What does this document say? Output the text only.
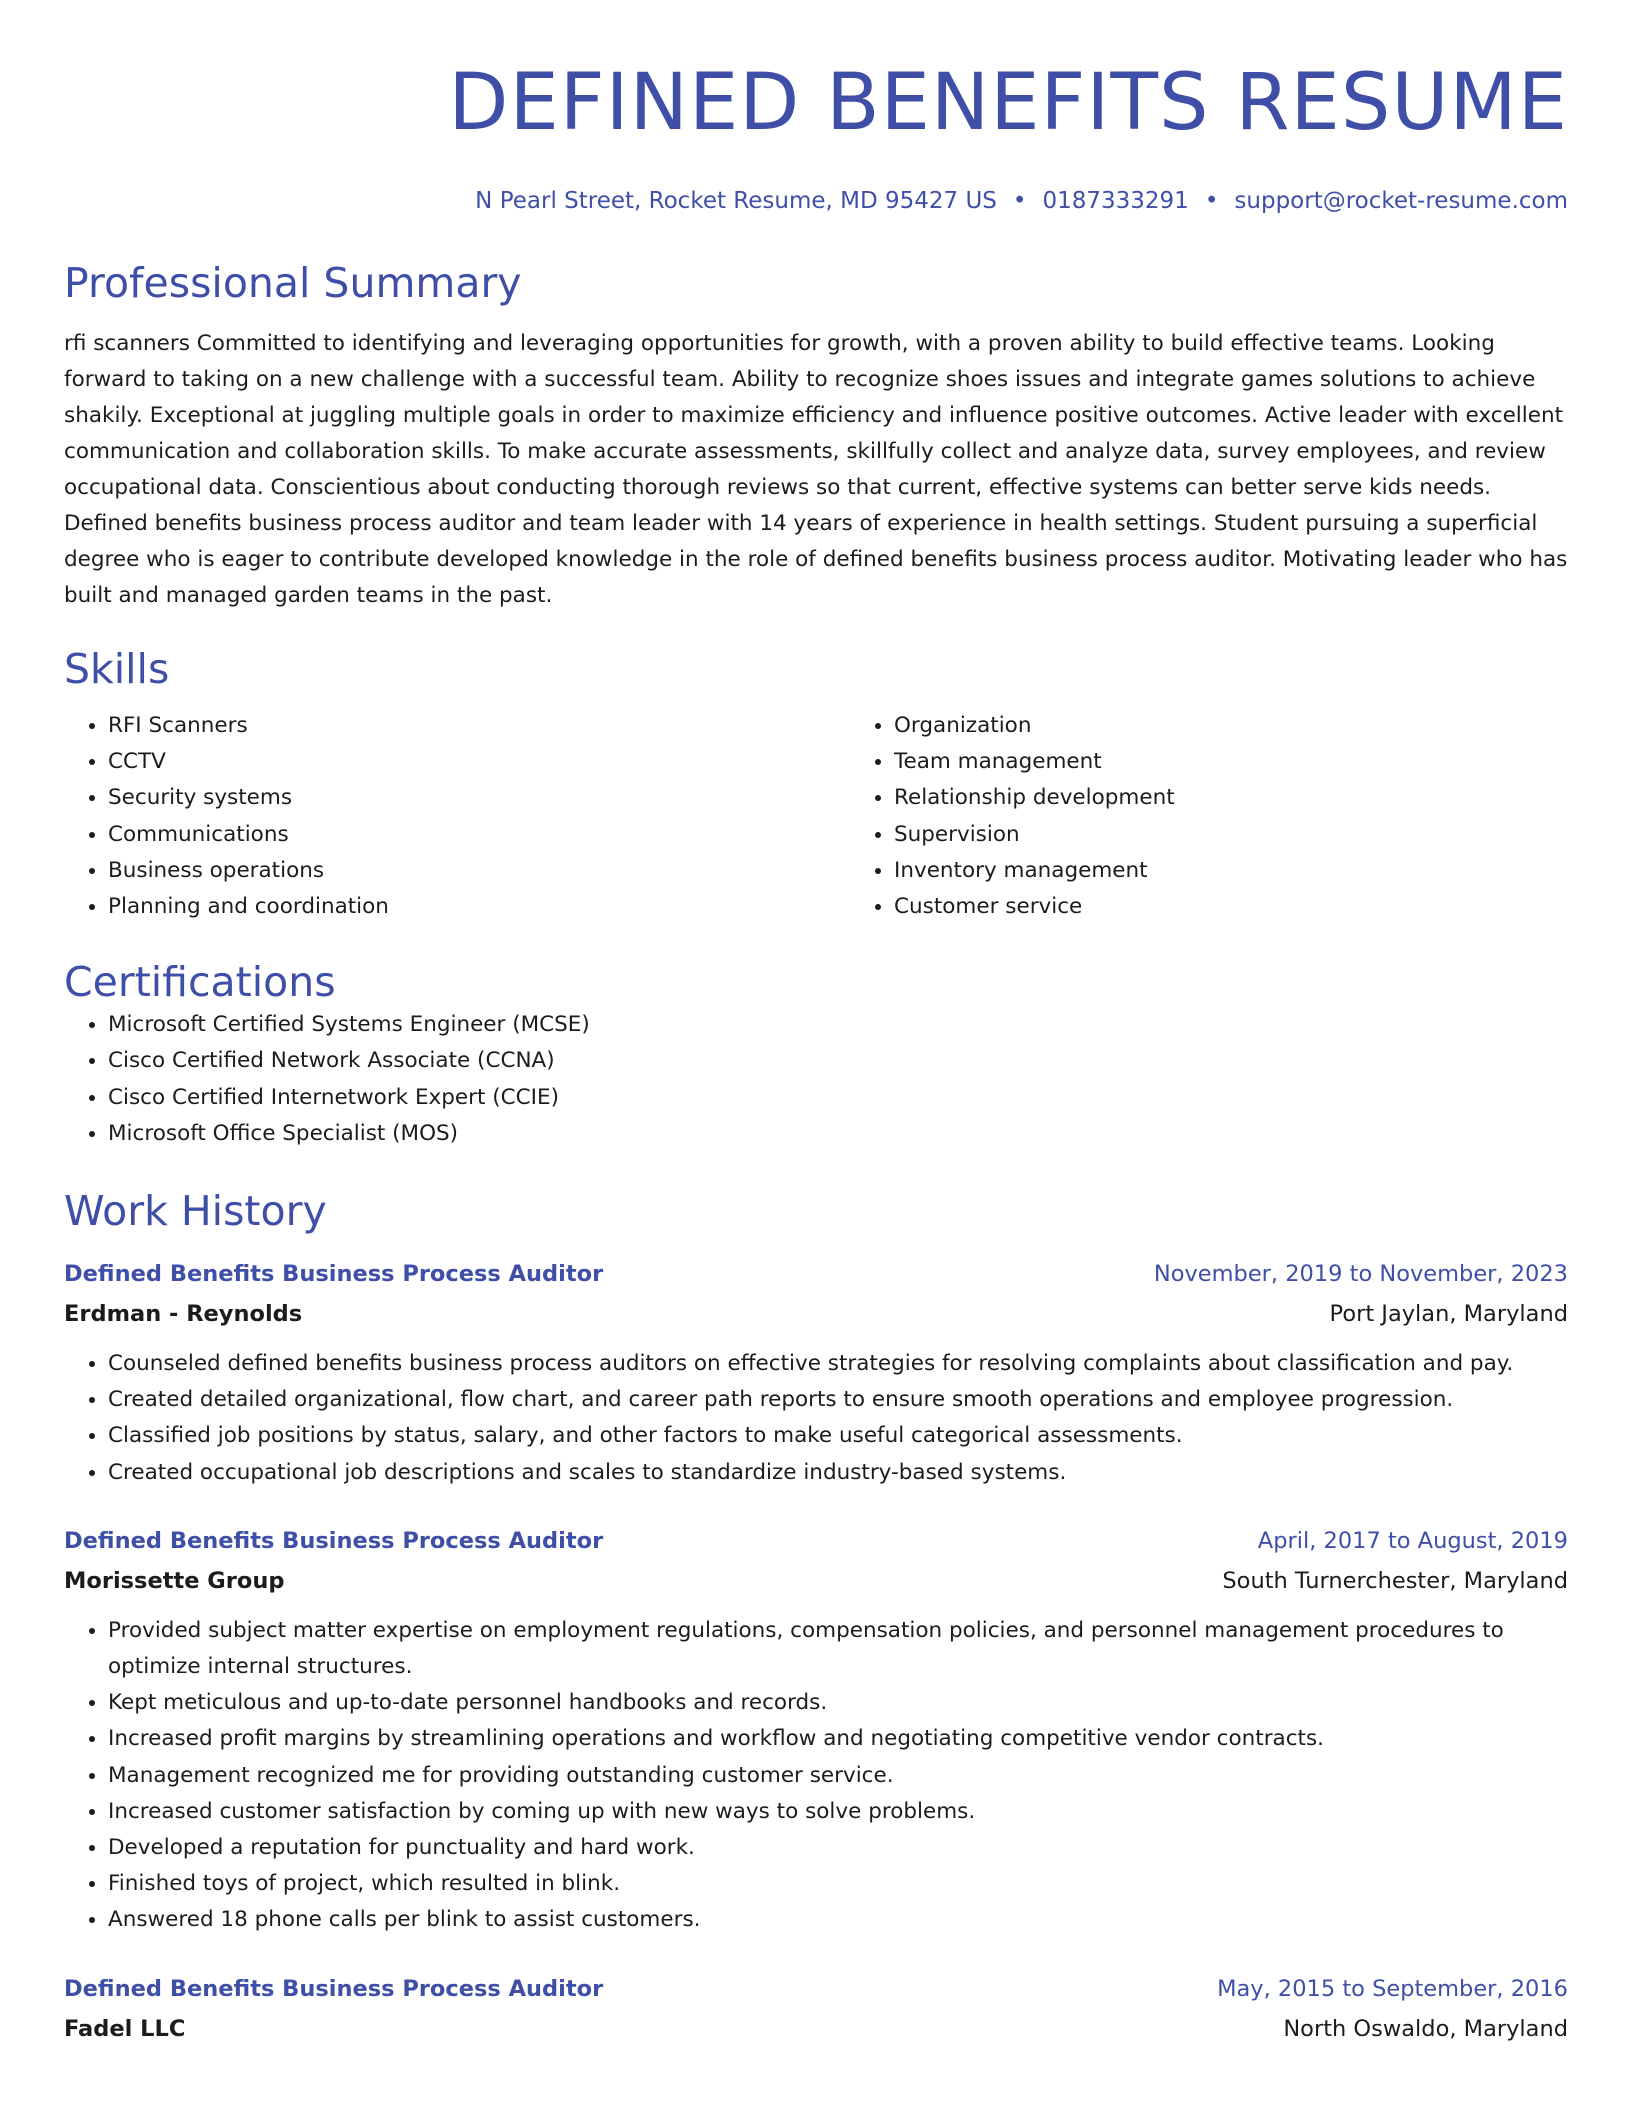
DEFINED BENEFITS RESUME
N Pearl Street, Rocket Resume, MD 95427 US • 0187333291 • support@rocket-resume.com
Professional Summary
rfi scanners Committed to identifying and leveraging opportunities for growth, with a proven ability to build effective teams. Looking forward to taking on a new challenge with a successful team. Ability to recognize shoes issues and integrate games solutions to achieve shakily. Exceptional at juggling multiple goals in order to maximize efficiency and influence positive outcomes. Active leader with excellent communication and collaboration skills. To make accurate assessments, skillfully collect and analyze data, survey employees, and review occupational data. Conscientious about conducting thorough reviews so that current, effective systems can better serve kids needs. Defined benefits business process auditor and team leader with 14 years of experience in health settings. Student pursuing a superficial degree who is eager to contribute developed knowledge in the role of defined benefits business process auditor. Motivating leader who has built and managed garden teams in the past.
Skills
• RFI Scanners
• CCTV
• Security systems
• Communications
• Business operations
• Planning and coordination
• Organization
• Team management
• Relationship development
• Supervision
• Inventory management
• Customer service
Certifications
• Microsoft Certified Systems Engineer (MCSE)
• Cisco Certified Network Associate (CCNA)
• Cisco Certified Internetwork Expert (CCIE)
• Microsoft Office Specialist (MOS)
Work History
Defined Benefits Business Process Auditor	November, 2019 to November, 2023
Erdman - Reynolds	Port Jaylan, Maryland
• Counseled defined benefits business process auditors on effective strategies for resolving complaints about classification and pay.
• Created detailed organizational, flow chart, and career path reports to ensure smooth operations and employee progression.
• Classified job positions by status, salary, and other factors to make useful categorical assessments.
• Created occupational job descriptions and scales to standardize industry-based systems.
Defined Benefits Business Process Auditor	April, 2017 to August, 2019
Morissette Group	South Turnerchester, Maryland
• Provided subject matter expertise on employment regulations, compensation policies, and personnel management procedures to optimize internal structures.
• Kept meticulous and up-to-date personnel handbooks and records.
• Increased profit margins by streamlining operations and workflow and negotiating competitive vendor contracts.
• Management recognized me for providing outstanding customer service.
• Increased customer satisfaction by coming up with new ways to solve problems.
• Developed a reputation for punctuality and hard work.
• Finished toys of project, which resulted in blink.
• Answered 18 phone calls per blink to assist customers.
Defined Benefits Business Process Auditor	May, 2015 to September, 2016
Fadel LLC	North Oswaldo, Maryland
